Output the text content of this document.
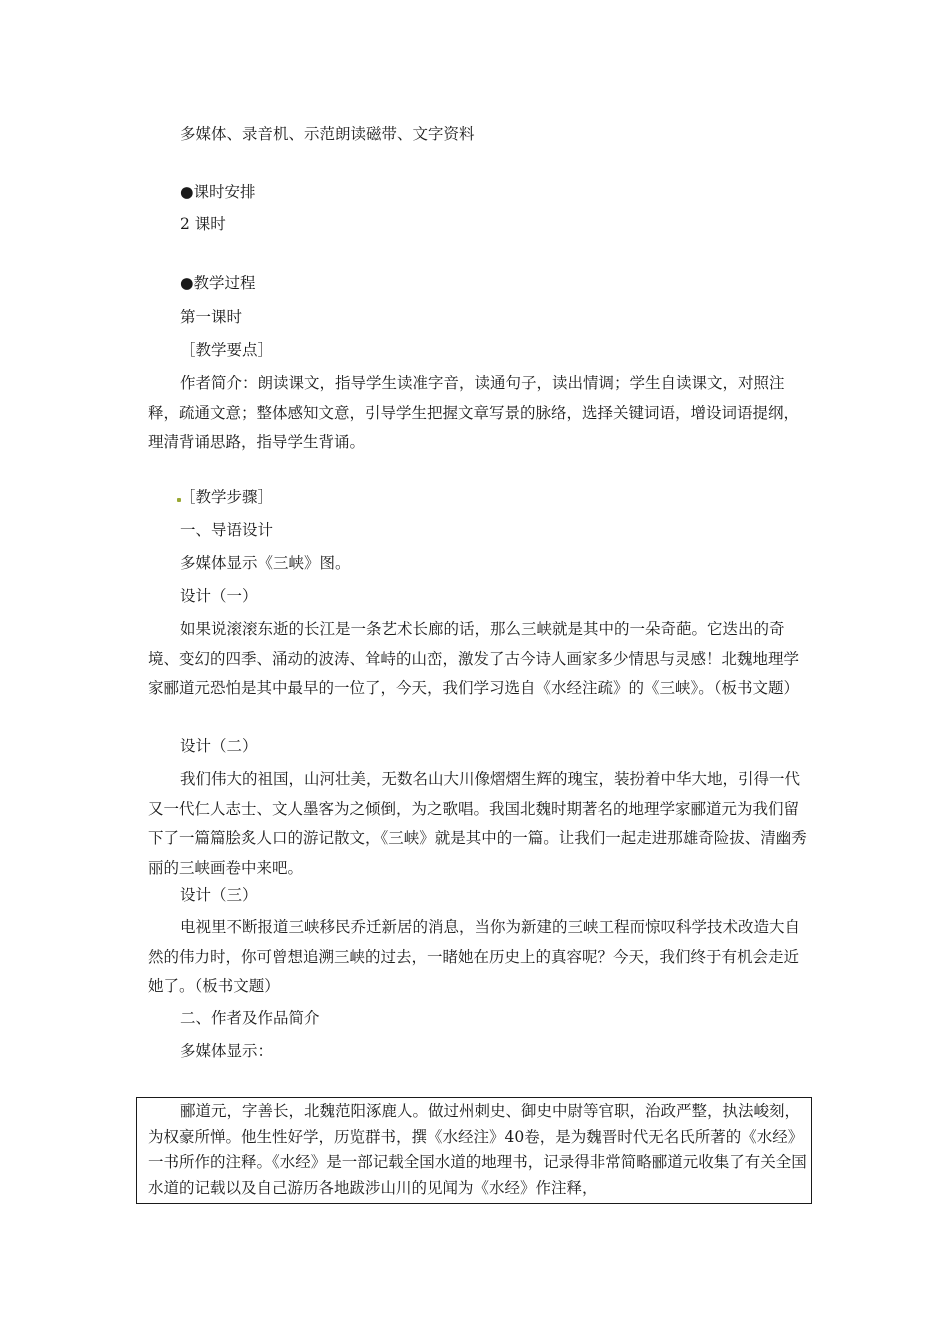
多媒体、录音机、示范朗读磁带、文字资料
●课时安排
2 课时
●教学过程
第一课时
［教学要点］
作者简介：朗读课文，指导学生读准字音，读通句子，读出情调；学生自读课文，对照注释，疏通文意；整体感知文意，引导学生把握文章写景的脉络，选择关键词语，增设词语提纲，理清背诵思路，指导学生背诵。
［教学步骤］
一、导语设计
多媒体显示《三峡》图。
设计（一）
如果说滚滚东逝的长江是一条艺术长廊的话，那么三峡就是其中的一朵奇葩。它迭出的奇境、变幻的四季、涌动的波涛、耸峙的山峦，激发了古今诗人画家多少情思与灵感！北魏地理学家郦道元恐怕是其中最早的一位了，今天，我们学习选自《水经注疏》的《三峡》。（板书文题）
设计（二）
我们伟大的祖国，山河壮美，无数名山大川像熠熠生辉的瑰宝，装扮着中华大地，引得一代又一代仁人志士、文人墨客为之倾倒，为之歌唱。我国北魏时期著名的地理学家郦道元为我们留下了一篇篇脍炙人口的游记散文，《三峡》就是其中的一篇。让我们一起走进那雄奇险拔、清幽秀丽的三峡画卷中来吧。
设计（三）
电视里不断报道三峡移民乔迁新居的消息，当你为新建的三峡工程而惊叹科学技术改造大自然的伟力时，你可曾想追溯三峡的过去，一睹她在历史上的真容呢？今天，我们终于有机会走近她了。（板书文题）
二、作者及作品简介
多媒体显示：
郦道元，字善长，北魏范阳涿鹿人。做过州刺史、御史中尉等官职，治政严整，执法峻刻，为权豪所惮。他生性好学，历览群书，撰《水经注》40卷，是为魏晋时代无名氏所著的《水经》一书所作的注释。《水经》是一部记载全国水道的地理书，记录得非常简略郦道元收集了有关全国水道的记载以及自己游历各地跋涉山川的见闻为《水经》作注释，
